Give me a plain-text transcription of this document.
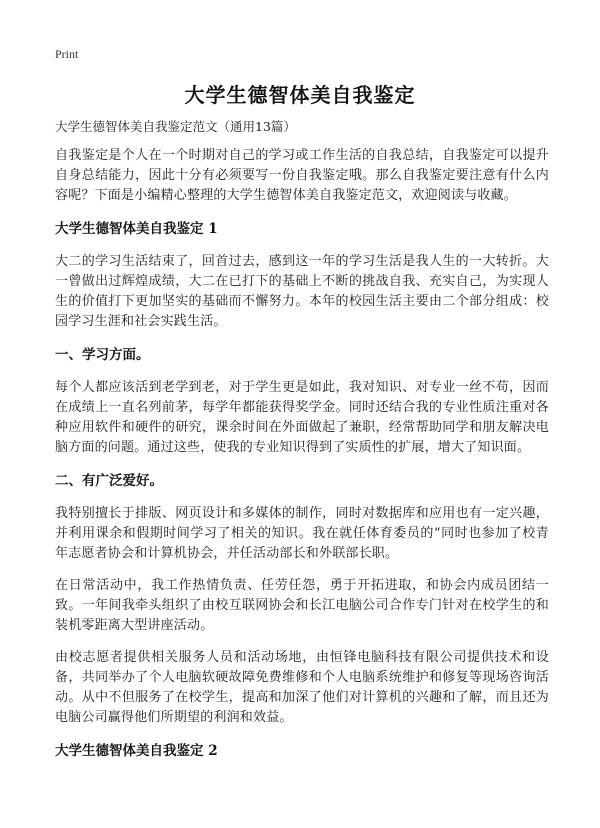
Print
大学生德智体美自我鉴定
大学生德智体美自我鉴定范文（通用13篇）

自我鉴定是个人在一个时期对自己的学习或工作生活的自我总结，自我鉴定可以提升自身总结能力，因此十分有必须要写一份自我鉴定哦。那么自我鉴定要注意有什么内容呢？下面是小编精心整理的大学生德智体美自我鉴定范文，欢迎阅读与收藏。

大学生德智体美自我鉴定 1

大二的学习生活结束了，回首过去，感到这一年的学习生活是我人生的一大转折。大一曾做出过辉煌成绩，大二在已打下的基础上不断的挑战自我、充实自己，为实现人生的价值打下更加坚实的基础而不懈努力。本年的校园生活主要由二个部分组成：校园学习生涯和社会实践生活。

一、学习方面。

每个人都应该活到老学到老，对于学生更是如此，我对知识、对专业一丝不苟，因而在成绩上一直名列前茅，每学年都能获得奖学金。同时还结合我的专业性质注重对各种应用软件和硬件的研究，课余时间在外面做起了兼职，经常帮助同学和朋友解决电脑方面的问题。通过这些，使我的专业知识得到了实质性的扩展，增大了知识面。

二、有广泛爱好。

我特别擅长于排版、网页设计和多媒体的制作，同时对数据库和应用也有一定兴趣，并利用课余和假期时间学习了相关的知识。我在就任体育委员的“同时也参加了校青年志愿者协会和计算机协会，并任活动部长和外联部长职。

在日常活动中，我工作热情负责、任劳任怨，勇于开拓进取，和协会内成员团结一致。一年间我牵头组织了由校互联网协会和长江电脑公司合作专门针对在校学生的和装机零距离大型讲座活动。

由校志愿者提供相关服务人员和活动场地，由恒锋电脑科技有限公司提供技术和设备，共同举办了个人电脑软硬故障免费维修和个人电脑系统维护和修复等现场咨询活动。从中不但服务了在校学生，提高和加深了他们对计算机的兴趣和了解，而且还为电脑公司赢得他们所期望的利润和效益。

大学生德智体美自我鉴定 2
